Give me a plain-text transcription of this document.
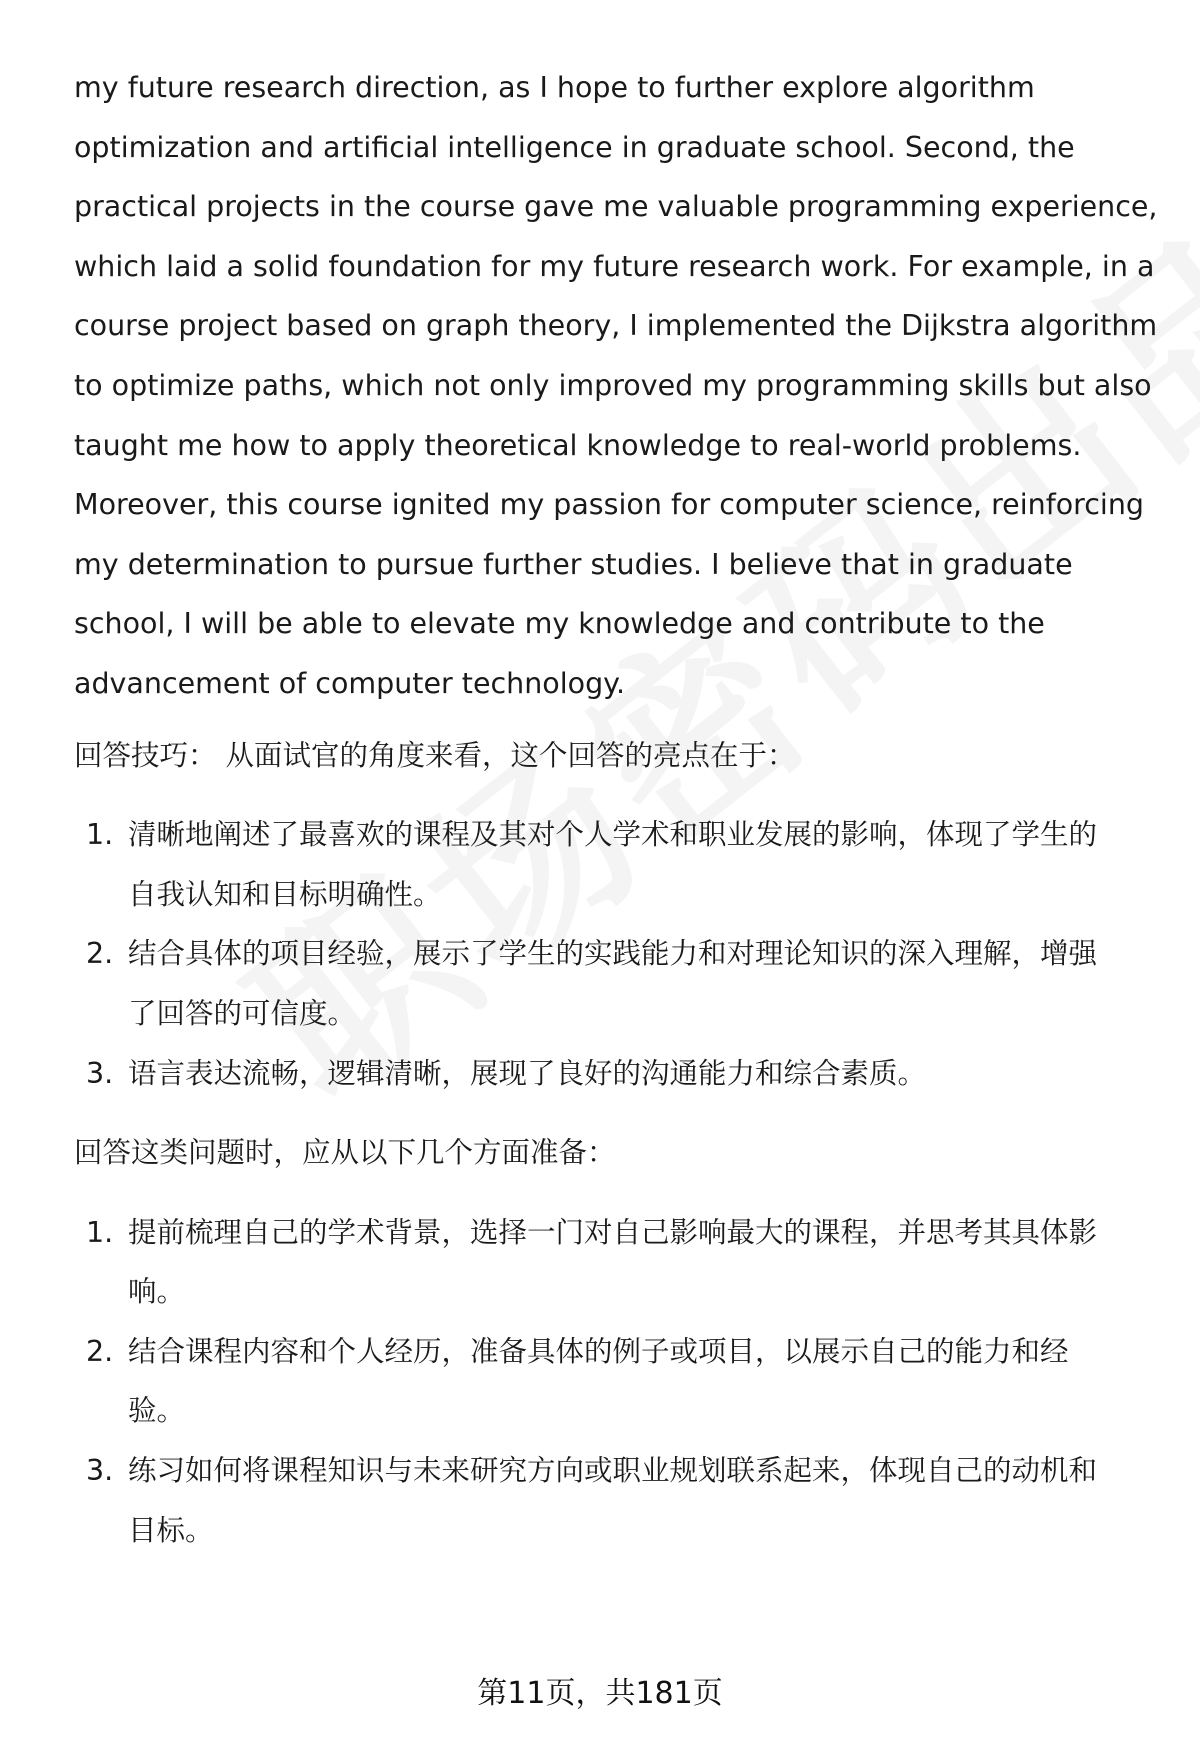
my future research direction, as I hope to further explore algorithm
optimization and artificial intelligence in graduate school. Second, the
practical projects in the course gave me valuable programming experience,
which laid a solid foundation for my future research work. For example, in a
course project based on graph theory, I implemented the Dijkstra algorithm
to optimize paths, which not only improved my programming skills but also
taught me how to apply theoretical knowledge to real-world problems.
Moreover, this course ignited my passion for computer science, reinforcing
my determination to pursue further studies. I believe that in graduate
school, I will be able to elevate my knowledge and contribute to the
advancement of computer technology.

回答技巧： 从面试官的角度来看，这个回答的亮点在于：

1. 清晰地阐述了最喜欢的课程及其对个人学术和职业发展的影响，体现了学生的
自我认知和目标明确性。
2. 结合具体的项目经验，展示了学生的实践能力和对理论知识的深入理解，增强
了回答的可信度。
3. 语言表达流畅，逻辑清晰，展现了良好的沟通能力和综合素质。

回答这类问题时，应从以下几个方面准备：

1. 提前梳理自己的学术背景，选择一门对自己影响最大的课程，并思考其具体影
响。
2. 结合课程内容和个人经历，准备具体的例子或项目，以展示自己的能力和经
验。
3. 练习如何将课程知识与未来研究方向或职业规划联系起来，体现自己的动机和
目标。
第11页，共181页
